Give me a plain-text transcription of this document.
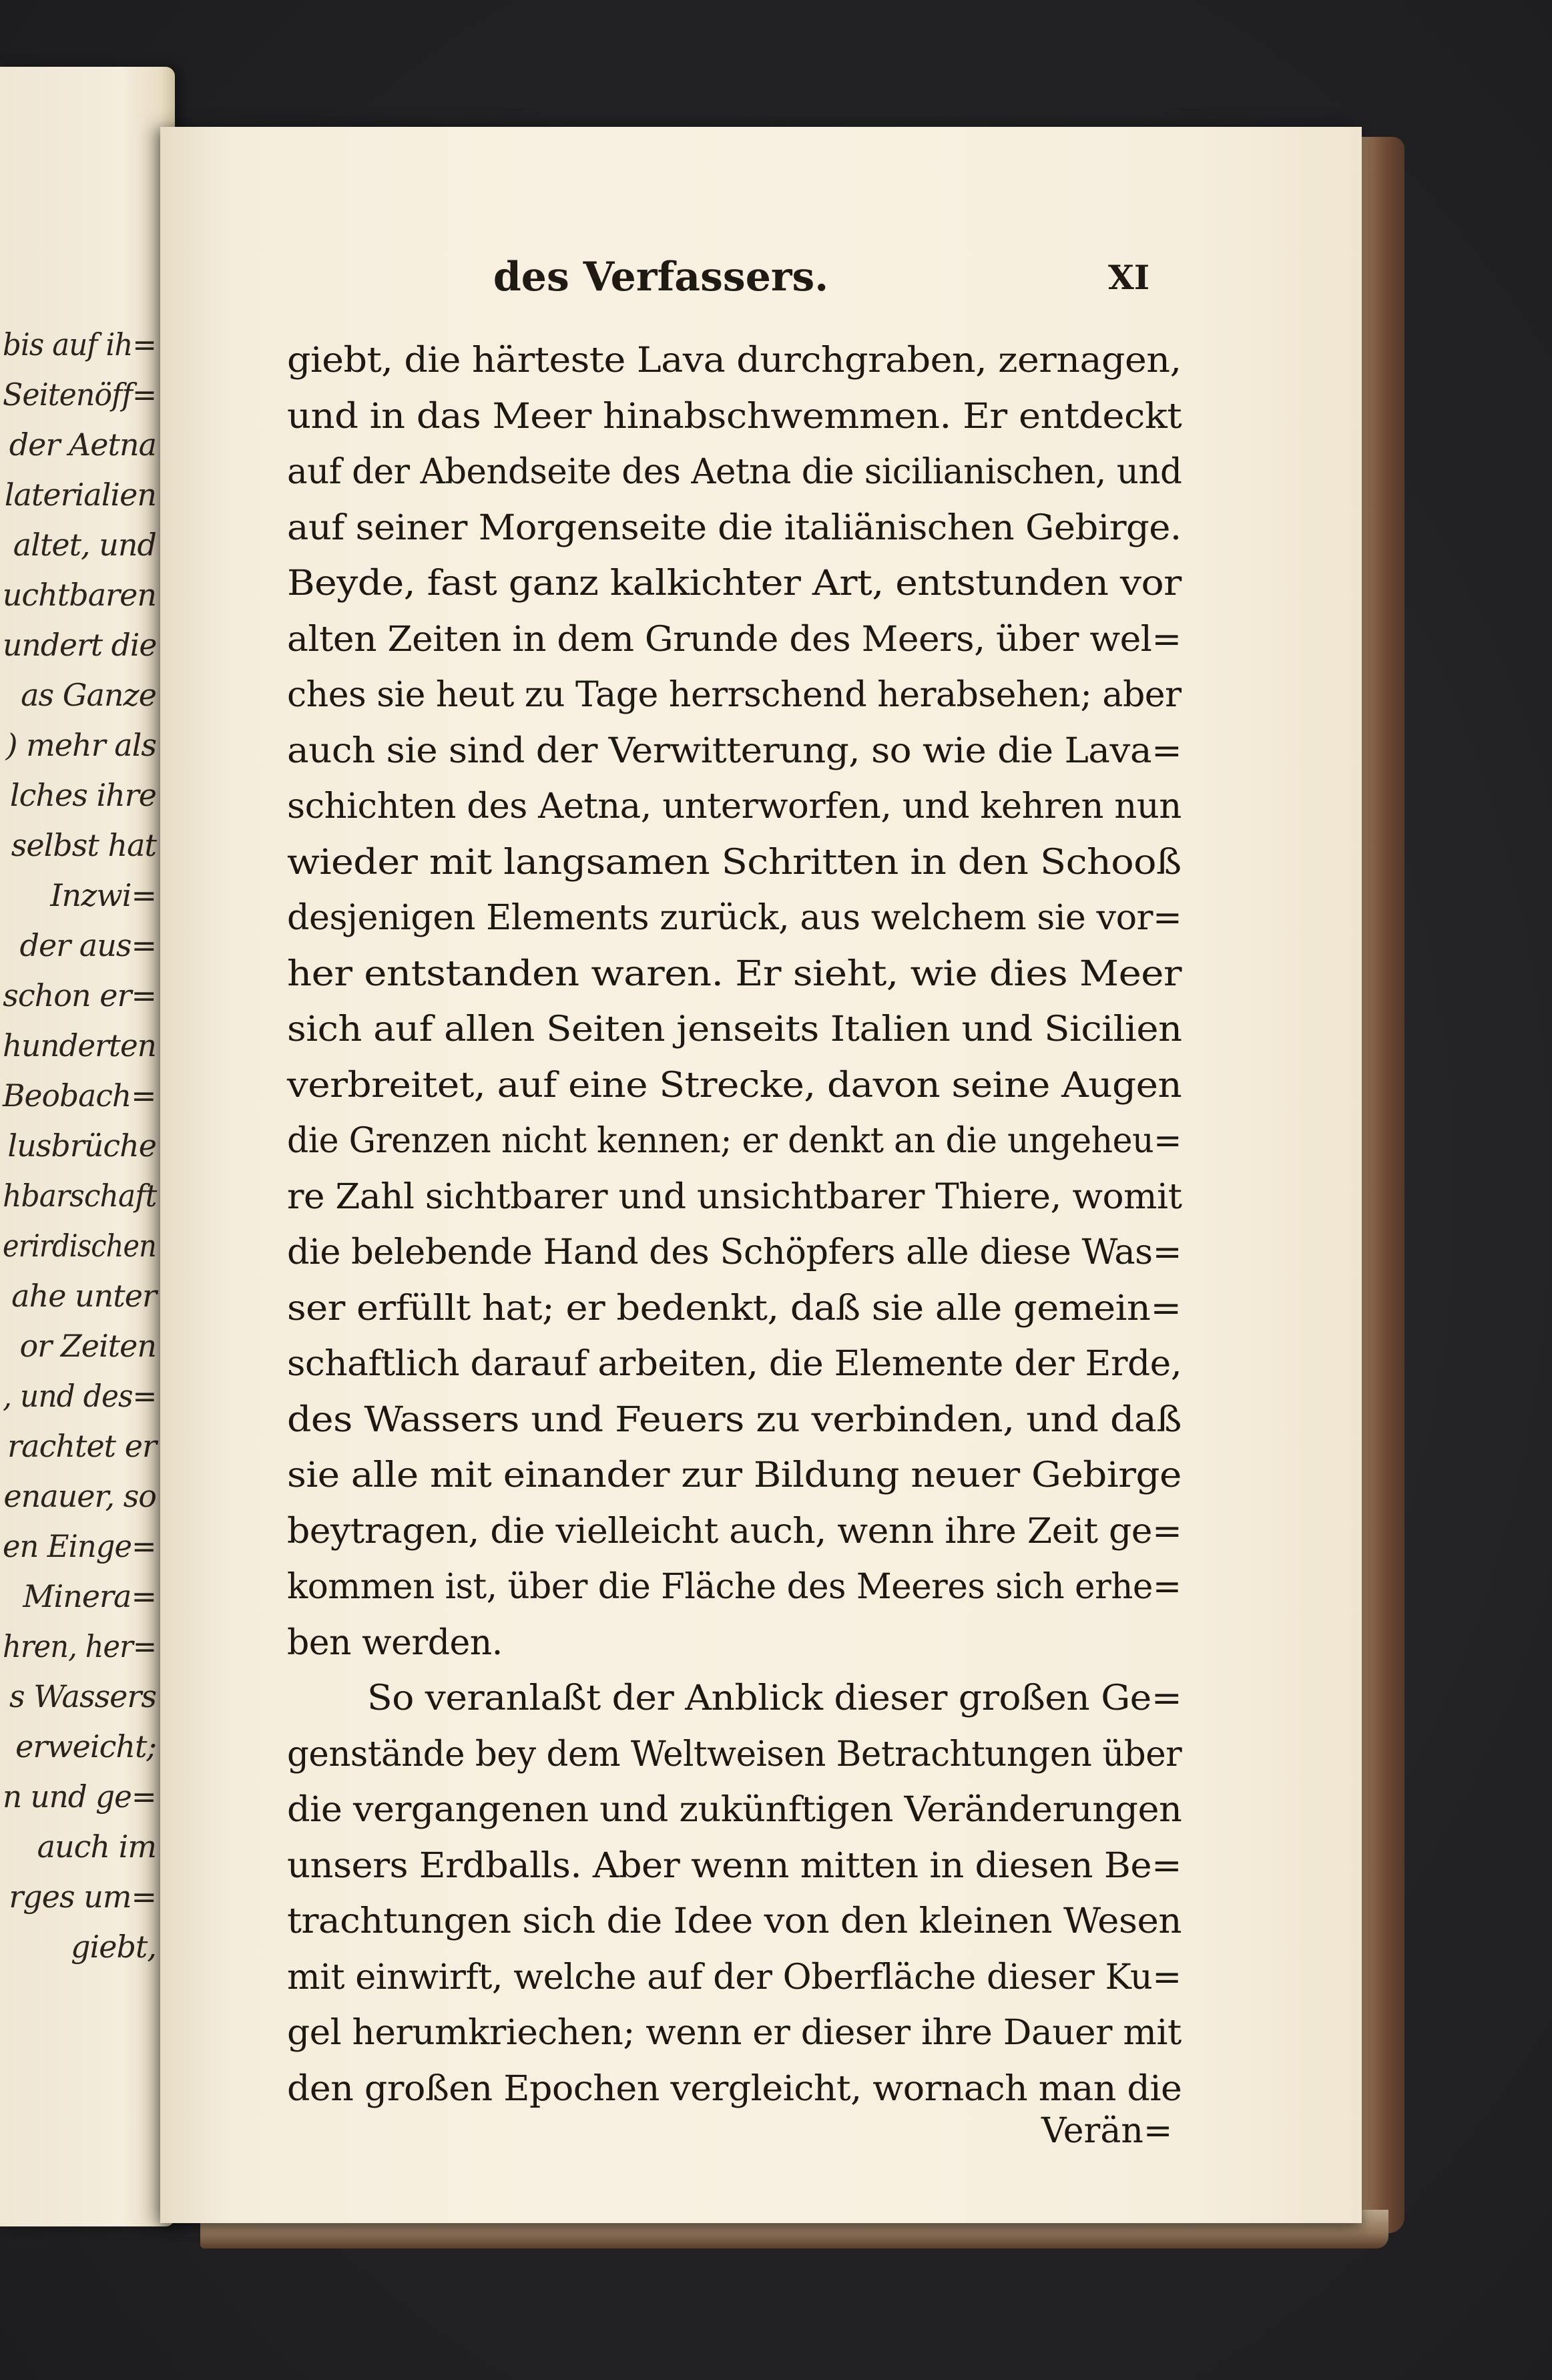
bis auf ih=
Seitenöff=
der Aetna
laterialien
altet, und
uchtbaren
undert die
as Ganze
) mehr als
lches ihre
selbst hat
Inzwi=
der aus=
schon er=
hunderten
Beobach=
lusbrüche
hbarschaft
erirdischen
ahe unter
or Zeiten
, und des=
rachtet er
enauer, so
en Einge=
Minera=
hren, her=
s Wassers
erweicht;
n und ge=
auch im
rges um=
giebt,
des Verfassers.	XI
giebt, die härteste Lava durchgraben, zernagen,
und in das Meer hinabschwemmen. Er entdeckt
auf der Abendseite des Aetna die sicilianischen, und
auf seiner Morgenseite die italiänischen Gebirge.
Beyde, fast ganz kalkichter Art, entstunden vor
alten Zeiten in dem Grunde des Meers, über wel=
ches sie heut zu Tage herrschend herabsehen; aber
auch sie sind der Verwitterung, so wie die Lava=
schichten des Aetna, unterworfen, und kehren nun
wieder mit langsamen Schritten in den Schooß
desjenigen Elements zurück, aus welchem sie vor=
her entstanden waren. Er sieht, wie dies Meer
sich auf allen Seiten jenseits Italien und Sicilien
verbreitet, auf eine Strecke, davon seine Augen
die Grenzen nicht kennen; er denkt an die ungeheu=
re Zahl sichtbarer und unsichtbarer Thiere, womit
die belebende Hand des Schöpfers alle diese Was=
ser erfüllt hat; er bedenkt, daß sie alle gemein=
schaftlich darauf arbeiten, die Elemente der Erde,
des Wassers und Feuers zu verbinden, und daß
sie alle mit einander zur Bildung neuer Gebirge
beytragen, die vielleicht auch, wenn ihre Zeit ge=
kommen ist, über die Fläche des Meeres sich erhe=
ben werden.
So veranlaßt der Anblick dieser großen Ge=
genstände bey dem Weltweisen Betrachtungen über
die vergangenen und zukünftigen Veränderungen
unsers Erdballs. Aber wenn mitten in diesen Be=
trachtungen sich die Idee von den kleinen Wesen
mit einwirft, welche auf der Oberfläche dieser Ku=
gel herumkriechen; wenn er dieser ihre Dauer mit
den großen Epochen vergleicht, wornach man die
Verän=
